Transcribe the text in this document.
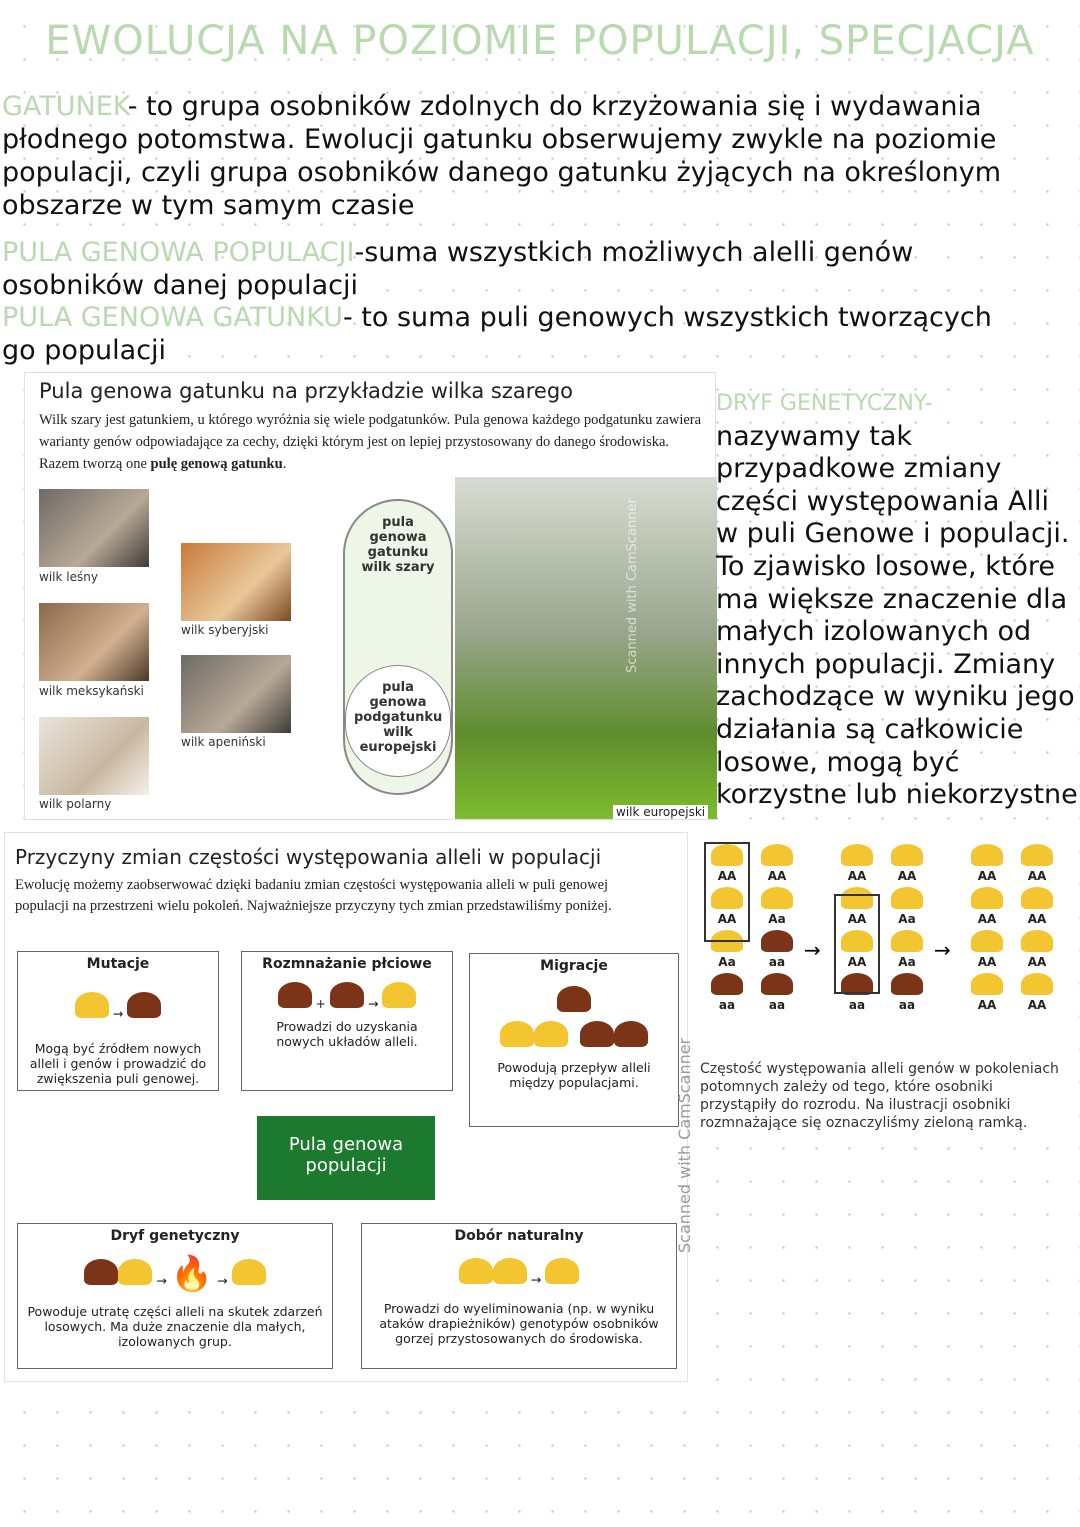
EWOLUCJA NA POZIOMIE POPULACJI, SPECJACJA
GATUNEK- to grupa osobników zdolnych do krzyżowania się i wydawania płodnego potomstwa. Ewolucji gatunku obserwujemy zwykle na poziomie populacji, czyli grupa osobników danego gatunku żyjących na określonym obszarze w tym samym czasie
PULA GENOWA POPULACJI-suma wszystkich możliwych alelli genów osobników danej populacji
PULA GENOWA GATUNKU- to suma puli genowych wszystkich tworzących go populacji
Pula genowa gatunku na przykładzie wilka szarego
Wilk szary jest gatunkiem, u którego wyróżnia się wiele podgatunków. Pula genowa każdego podgatunku zawiera warianty genów odpowiadające za cechy, dzięki którym jest on lepiej przystosowany do danego środowiska. Razem tworzą one pulę genową gatunku.
wilk leśny
wilk syberyjski
wilk meksykański
wilk apeniński
wilk polarny
pula genowa gatunku wilk szary
pula genowa podgatunku wilk europejski
wilk europejski
Scanned with CamScanner
DRYF GENETYCZNY-
nazywamy tak przypadkowe zmiany części występowania Alli w puli Genowe i populacji. To zjawisko losowe, które ma większe znaczenie dla małych izolowanych od innych populacji. Zmiany zachodzące w wyniku jego działania są całkowicie losowe, mogą być korzystne lub niekorzystne
Przyczyny zmian częstości występowania alleli w populacji
Ewolucję możemy zaobserwować dzięki badaniu zmian częstości występowania alleli w puli genowej populacji na przestrzeni wielu pokoleń. Najważniejsze przyczyny tych zmian przedstawiliśmy poniżej.
Mutacje
→
Mogą być źródłem nowych alleli i genów i prowadzić do zwiększenia puli genowej.
Rozmnażanie płciowe
+	→
Prowadzi do uzyskania nowych układów alleli.
Migracje

Powodują przepływ alleli między populacjami.
Pula genowa populacji
Dryf genetyczny
→ 🔥 →
Powoduje utratę części alleli na skutek zdarzeń losowych. Ma duże znaczenie dla małych, izolowanych grup.
Dobór naturalny
→
Prowadzi do wyeliminowania (np. w wyniku ataków drapieżników) genotypów osobników gorzej przystosowanych do środowiska.
Scanned with CamScanner
AA	AA
AA	Aa
Aa	aa
aa	aa
AA	AA
AA	Aa
AA	Aa
aa	aa
AA	AA
AA	AA
AA	AA
AA	AA
→	→
Częstość występowania alleli genów w pokoleniach potomnych zależy od tego, które osobniki przystąpiły do rozrodu. Na ilustracji osobniki rozmnażające się oznaczyliśmy zieloną ramką.
